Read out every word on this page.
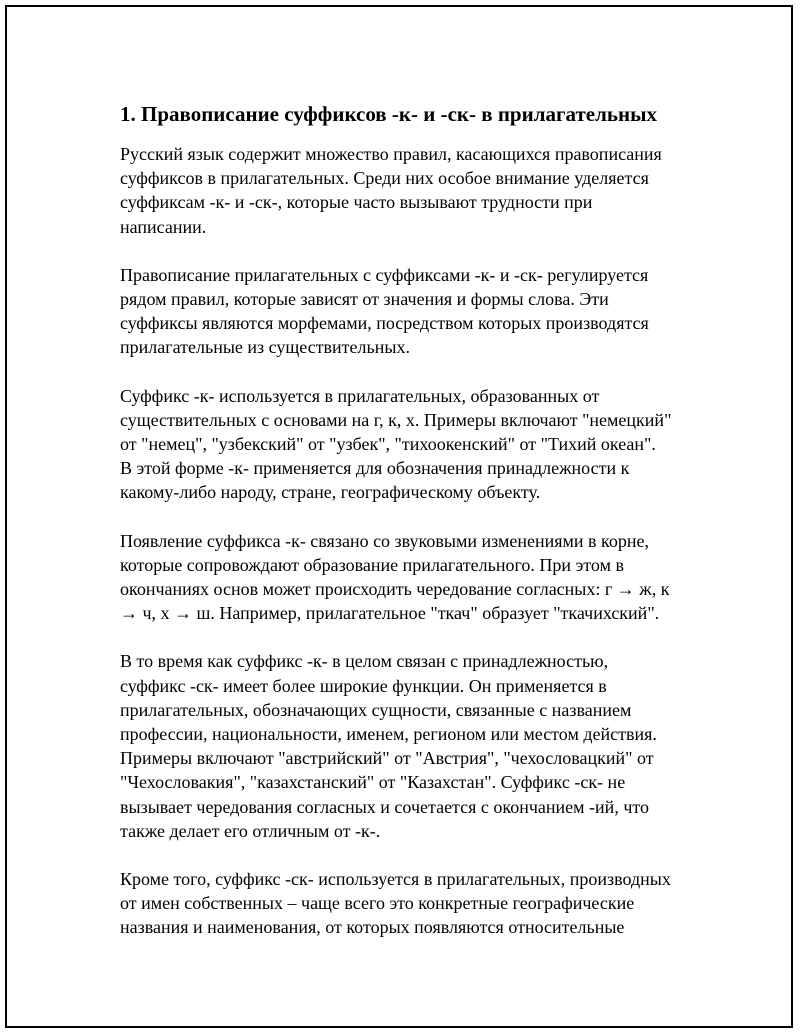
1. Правописание суффиксов -к- и -ск- в прилагательных

Русский язык содержит множество правил, касающихся правописания
суффиксов в прилагательных. Среди них особое внимание уделяется
суффиксам -к- и -ск-, которые часто вызывают трудности при
написании.

Правописание прилагательных с суффиксами -к- и -ск- регулируется
рядом правил, которые зависят от значения и формы слова. Эти
суффиксы являются морфемами, посредством которых производятся
прилагательные из существительных.

Суффикс -к- используется в прилагательных, образованных от
существительных с основами на г, к, х. Примеры включают "немецкий"
от "немец", "узбекский" от "узбек", "тихоокенский" от "Тихий океан".
В этой форме -к- применяется для обозначения принадлежности к
какому-либо народу, стране, географическому объекту.

Появление суффикса -к- связано со звуковыми изменениями в корне,
которые сопровождают образование прилагательного. При этом в
окончаниях основ может происходить чередование согласных: г → ж, к
→ ч, х → ш. Например, прилагательное "ткач" образует "ткачихский".

В то время как суффикс -к- в целом связан с принадлежностью,
суффикс -ск- имеет более широкие функции. Он применяется в
прилагательных, обозначающих сущности, связанные с названием
профессии, национальности, именем, регионом или местом действия.
Примеры включают "австрийский" от "Австрия", "чехословацкий" от
"Чехословакия", "казахстанский" от "Казахстан". Суффикс -ск- не
вызывает чередования согласных и сочетается с окончанием -ий, что
также делает его отличным от -к-.

Кроме того, суффикс -ск- используется в прилагательных, производных
от имен собственных – чаще всего это конкретные географические
названия и наименования, от которых появляются относительные
